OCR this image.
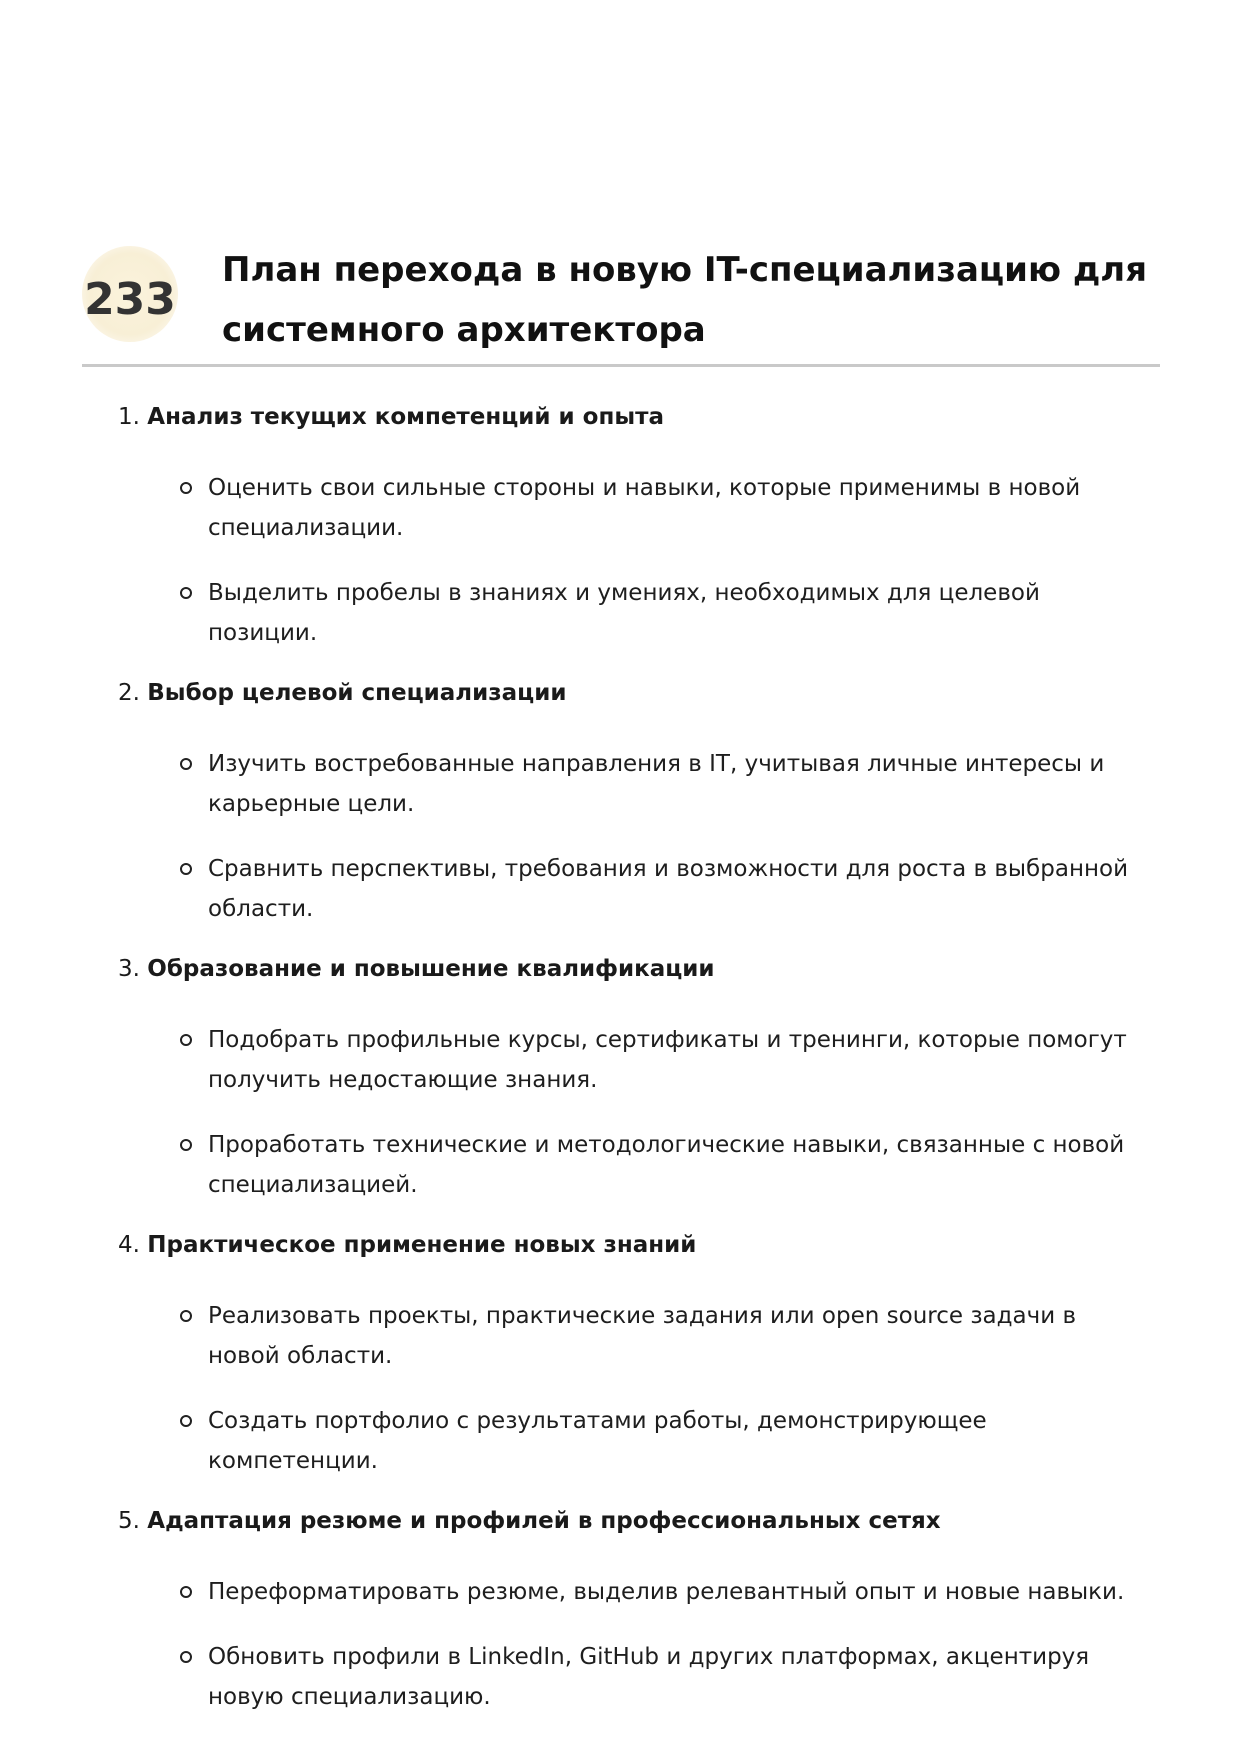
233
План перехода в новую IT-специализацию для
системного архитектора
1. Анализ текущих компетенций и опыта
Оценить свои сильные стороны и навыки, которые применимы в новой специализации.
Выделить пробелы в знаниях и умениях, необходимых для целевой позиции.
2. Выбор целевой специализации
Изучить востребованные направления в IT, учитывая личные интересы и карьерные цели.
Сравнить перспективы, требования и возможности для роста в выбранной области.
3. Образование и повышение квалификации
Подобрать профильные курсы, сертификаты и тренинги, которые помогут получить недостающие знания.
Проработать технические и методологические навыки, связанные с новой специализацией.
4. Практическое применение новых знаний
Реализовать проекты, практические задания или open source задачи в новой области.
Создать портфолио с результатами работы, демонстрирующее компетенции.
5. Адаптация резюме и профилей в профессиональных сетях
Переформатировать резюме, выделив релевантный опыт и новые навыки.
Обновить профили в LinkedIn, GitHub и других платформах, акцентируя новую специализацию.
